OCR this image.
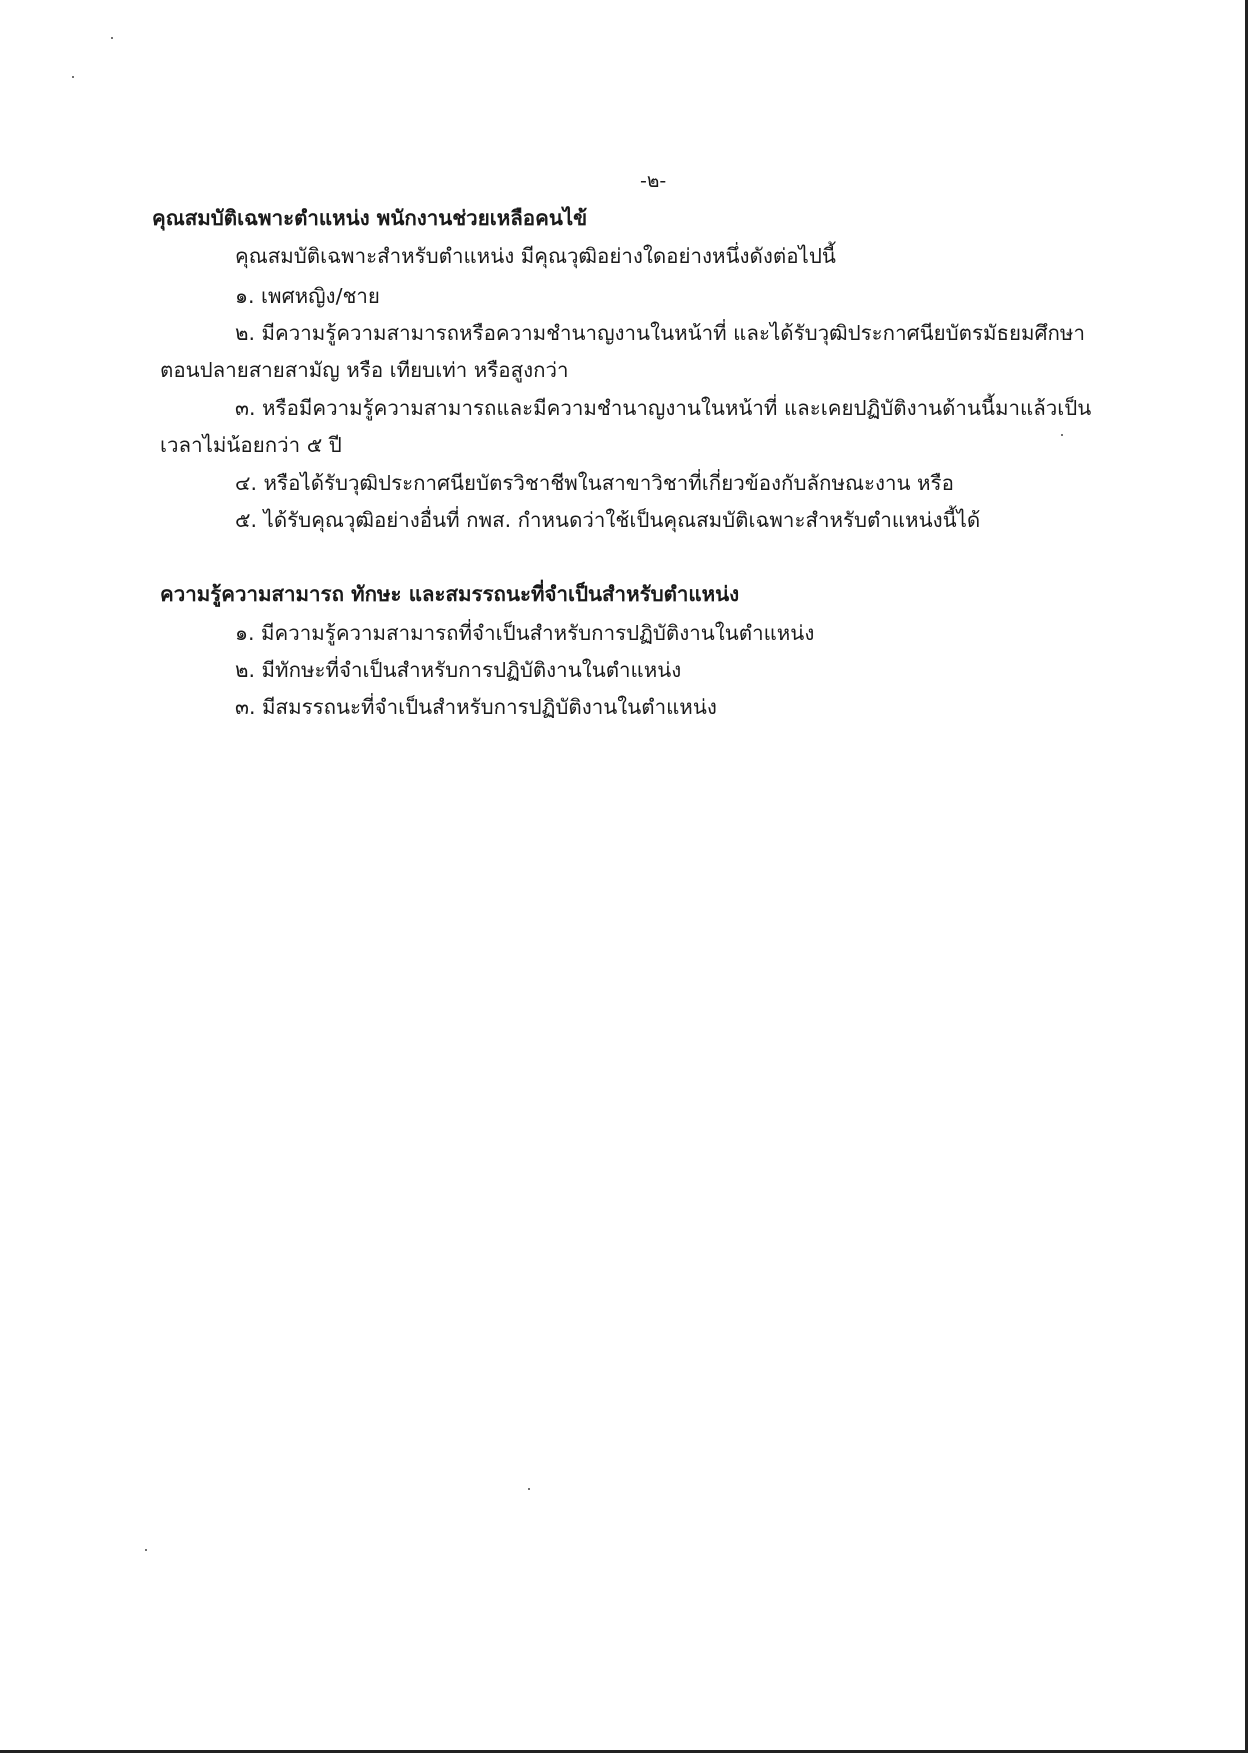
-๒-
คุณสมบัติเฉพาะตำแหน่ง พนักงานช่วยเหลือคนไข้
คุณสมบัติเฉพาะสำหรับตำแหน่ง มีคุณวุฒิอย่างใดอย่างหนึ่งดังต่อไปนี้
๑. เพศหญิง/ชาย
๒. มีความรู้ความสามารถหรือความชำนาญงานในหน้าที่ และได้รับวุฒิประกาศนียบัตรมัธยมศึกษา
ตอนปลายสายสามัญ หรือ เทียบเท่า หรือสูงกว่า
๓. หรือมีความรู้ความสามารถและมีความชำนาญงานในหน้าที่ และเคยปฏิบัติงานด้านนี้มาแล้วเป็น
เวลาไม่น้อยกว่า ๕ ปี
๔. หรือได้รับวุฒิประกาศนียบัตรวิชาชีพในสาขาวิชาที่เกี่ยวข้องกับลักษณะงาน หรือ
๕. ได้รับคุณวุฒิอย่างอื่นที่ กพส. กำหนดว่าใช้เป็นคุณสมบัติเฉพาะสำหรับตำแหน่งนี้ได้
ความรู้ความสามารถ ทักษะ และสมรรถนะที่จำเป็นสำหรับตำแหน่ง
๑. มีความรู้ความสามารถที่จำเป็นสำหรับการปฏิบัติงานในตำแหน่ง
๒. มีทักษะที่จำเป็นสำหรับการปฏิบัติงานในตำแหน่ง
๓. มีสมรรถนะที่จำเป็นสำหรับการปฏิบัติงานในตำแหน่ง
